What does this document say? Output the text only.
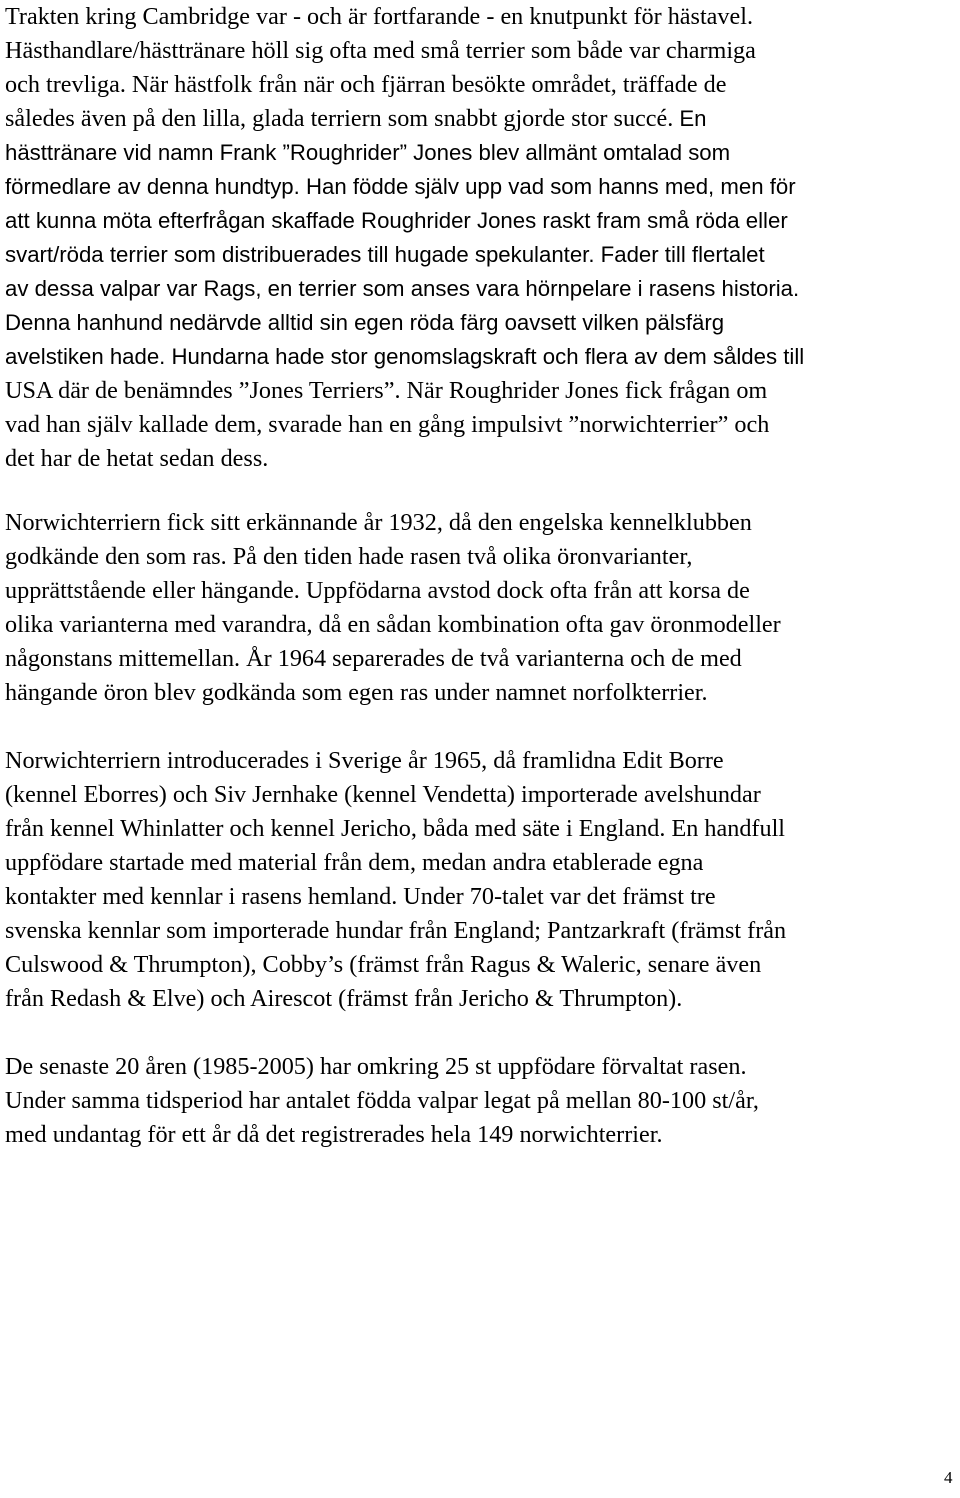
Trakten kring Cambridge var - och är fortfarande - en knutpunkt för hästavel.
Hästhandlare/hästtränare höll sig ofta med små terrier som både var charmiga
och trevliga. När hästfolk från när och fjärran besökte området, träffade de
således även på den lilla, glada terriern som snabbt gjorde stor succé. En
hästtränare vid namn Frank ”Roughrider” Jones blev allmänt omtalad som
förmedlare av denna hundtyp. Han födde själv upp vad som hanns med, men för
att kunna möta efterfrågan skaffade Roughrider Jones raskt fram små röda eller
svart/röda terrier som distribuerades till hugade spekulanter. Fader till flertalet
av dessa valpar var Rags, en terrier som anses vara hörnpelare i rasens historia.
Denna hanhund nedärvde alltid sin egen röda färg oavsett vilken pälsfärg
avelstiken hade. Hundarna hade stor genomslagskraft och flera av dem såldes till
USA där de benämndes ”Jones Terriers”. När Roughrider Jones fick frågan om
vad han själv kallade dem, svarade han en gång impulsivt ”norwichterrier” och
det har de hetat sedan dess.

Norwichterriern fick sitt erkännande år 1932, då den engelska kennelklubben
godkände den som ras. På den tiden hade rasen två olika öronvarianter,
upprättstående eller hängande. Uppfödarna avstod dock ofta från att korsa de
olika varianterna med varandra, då en sådan kombination ofta gav öronmodeller
någonstans mittemellan. År 1964 separerades de två varianterna och de med
hängande öron blev godkända som egen ras under namnet norfolkterrier.

Norwichterriern introducerades i Sverige år 1965, då framlidna Edit Borre
(kennel Eborres) och Siv Jernhake (kennel Vendetta) importerade avelshundar
från kennel Whinlatter och kennel Jericho, båda med säte i England. En handfull
uppfödare startade med material från dem, medan andra etablerade egna
kontakter med kennlar i rasens hemland. Under 70-talet var det främst tre
svenska kennlar som importerade hundar från England; Pantzarkraft (främst från
Culswood & Thrumpton), Cobby’s (främst från Ragus & Waleric, senare även
från Redash & Elve) och Airescot (främst från Jericho & Thrumpton).

De senaste 20 åren (1985-2005) har omkring 25 st uppfödare förvaltat rasen.
Under samma tidsperiod har antalet födda valpar legat på mellan 80-100 st/år,
med undantag för ett år då det registrerades hela 149 norwichterrier.

4
